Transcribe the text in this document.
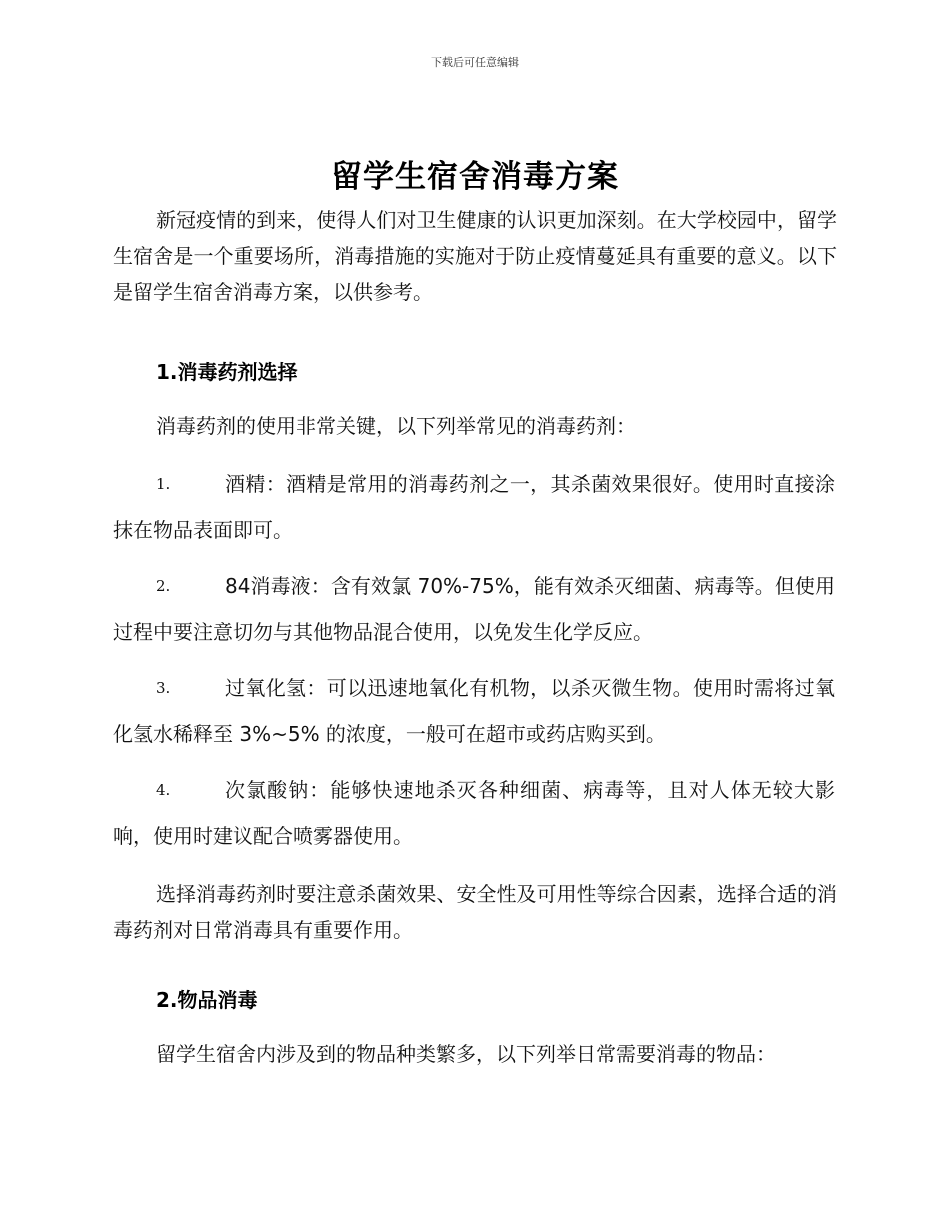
下载后可任意编辑
留学生宿舍消毒方案

新冠疫情的到来，使得人们对卫生健康的认识更加深刻。在大学校园中，留学生宿舍是一个重要场所，消毒措施的实施对于防止疫情蔓延具有重要的意义。以下是留学生宿舍消毒方案，以供参考。

1.消毒药剂选择

消毒药剂的使用非常关键，以下列举常见的消毒药剂：

1.	酒精：酒精是常用的消毒药剂之一，其杀菌效果很好。使用时直接涂抹在物品表面即可。
2.	84消毒液：含有效氯 70%-75%，能有效杀灭细菌、病毒等。但使用过程中要注意切勿与其他物品混合使用，以免发生化学反应。
3.	过氧化氢：可以迅速地氧化有机物，以杀灭微生物。使用时需将过氧化氢水稀释至 3%~5% 的浓度，一般可在超市或药店购买到。
4.	次氯酸钠：能够快速地杀灭各种细菌、病毒等，且对人体无较大影响，使用时建议配合喷雾器使用。

选择消毒药剂时要注意杀菌效果、安全性及可用性等综合因素，选择合适的消毒药剂对日常消毒具有重要作用。

2.物品消毒

留学生宿舍内涉及到的物品种类繁多，以下列举日常需要消毒的物品：
